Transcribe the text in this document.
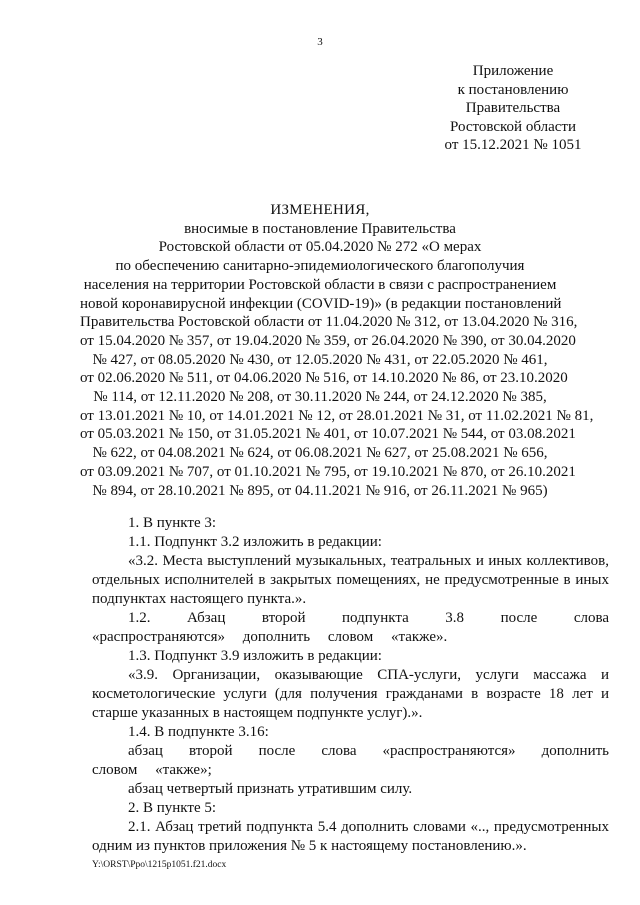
3
Приложение
к постановлению
Правительства
Ростовской области
от 15.12.2021 № 1051
ИЗМЕНЕНИЯ,
вносимые в постановление Правительства
Ростовской области от 05.04.2020 № 272 «О мерах
по обеспечению санитарно-эпидемиологического благополучия
населения на территории Ростовской области в связи с распространением
новой коронавирусной инфекции (COVID-19)» (в редакции постановлений
Правительства Ростовской области от 11.04.2020 № 312, от 13.04.2020 № 316,
от 15.04.2020 № 357, от 19.04.2020 № 359, от 26.04.2020 № 390, от 30.04.2020
№ 427, от 08.05.2020 № 430, от 12.05.2020 № 431, от 22.05.2020 № 461,
от 02.06.2020 № 511, от 04.06.2020 № 516, от 14.10.2020 № 86, от 23.10.2020
№ 114, от 12.11.2020 № 208, от 30.11.2020 № 244, от 24.12.2020 № 385,
от 13.01.2021 № 10, от 14.01.2021 № 12, от 28.01.2021 № 31, от 11.02.2021 № 81,
от 05.03.2021 № 150, от 31.05.2021 № 401, от 10.07.2021 № 544, от 03.08.2021
№ 622, от 04.08.2021 № 624, от 06.08.2021 № 627, от 25.08.2021 № 656,
от 03.09.2021 № 707, от 01.10.2021 № 795, от 19.10.2021 № 870, от 26.10.2021
№ 894, от 28.10.2021 № 895, от 04.11.2021 № 916, от 26.11.2021 № 965)

1. В пункте 3:

1.1. Подпункт 3.2 изложить в редакции:

«3.2. Места выступлений музыкальных, театральных и иных коллективов, отдельных исполнителей в закрытых помещениях, не предусмотренные в иных подпунктах настоящего пункта.».

1.2. Абзац второй подпункта 3.8 после слова «распространяются» дополнить словом «также».

1.3. Подпункт 3.9 изложить в редакции:

«3.9. Организации, оказывающие СПА-услуги, услуги массажа и косметологические услуги (для получения гражданами в возрасте 18 лет и старше указанных в настоящем подпункте услуг).».

1.4. В подпункте 3.16:

абзац второй после слова «распространяются» дополнить словом «также»;

абзац четвертый признать утратившим силу.

2. В пункте 5:

2.1. Абзац третий подпункта 5.4 дополнить словами «.., предусмотренных одним из пунктов приложения № 5 к настоящему постановлению.».

Y:\ORST\Ppo\1215p1051.f21.docx
